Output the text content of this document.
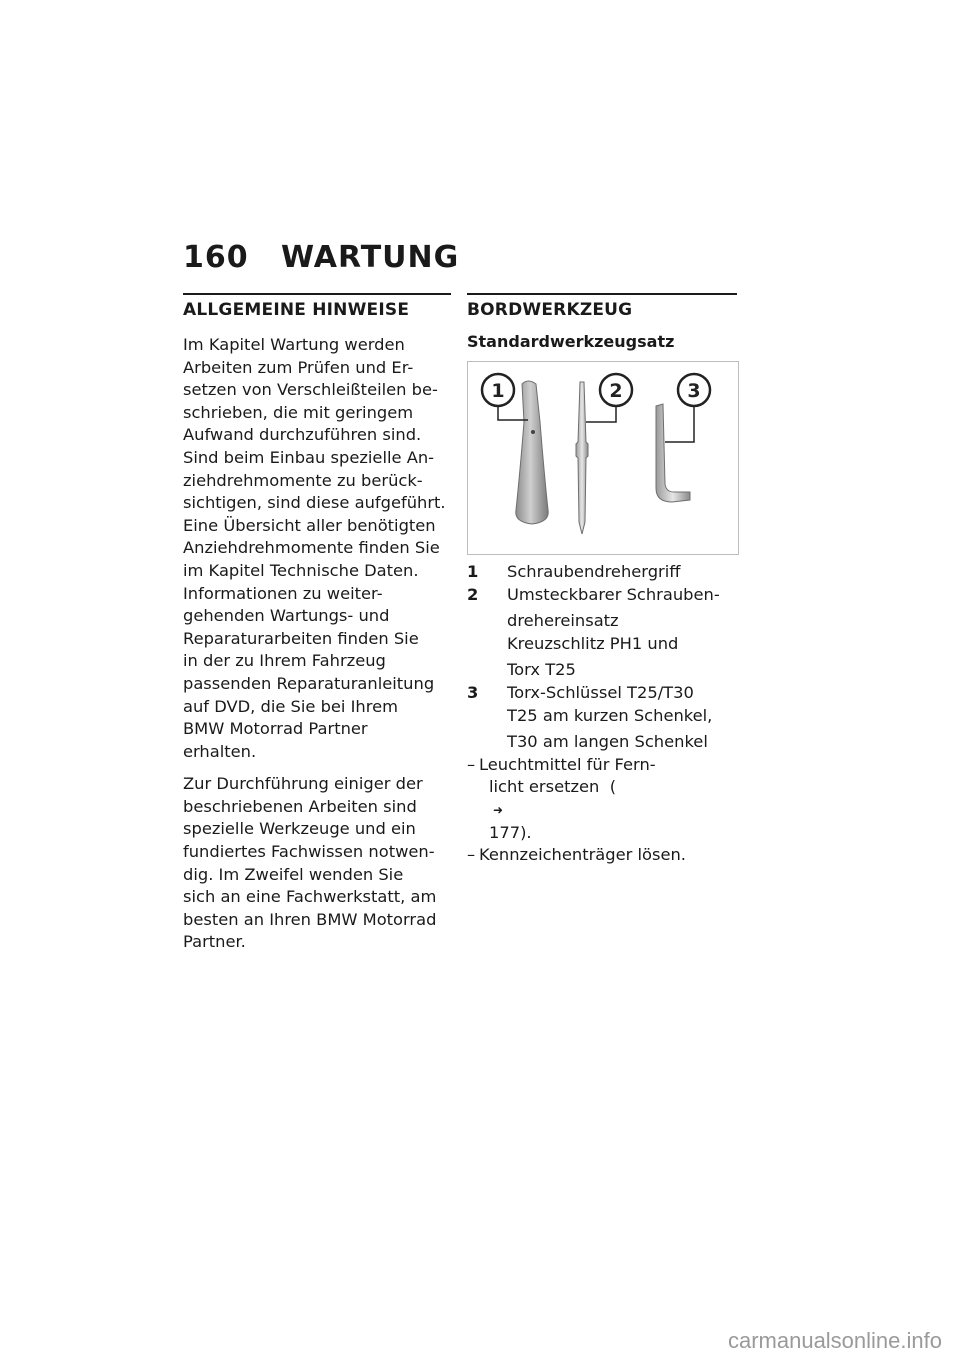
160 WARTUNG
ALLGEMEINE HINWEISE

Im Kapitel Wartung werden
Arbeiten zum Prüfen und Er-
setzen von Verschleißteilen be-
schrieben, die mit geringem
Aufwand durchzuführen sind.
Sind beim Einbau spezielle An-
ziehdrehmomente zu berück-
sichtigen, sind diese aufgeführt.
Eine Übersicht aller benötigten
Anziehdrehmomente finden Sie
im Kapitel Technische Daten.
Informationen zu weiter-
gehenden Wartungs- und
Reparaturarbeiten finden Sie
in der zu Ihrem Fahrzeug
passenden Reparaturanleitung
auf DVD, die Sie bei Ihrem
BMW Motorrad Partner
erhalten.

Zur Durchführung einiger der
beschriebenen Arbeiten sind
spezielle Werkzeuge und ein
fundiertes Fachwissen notwen-
dig. Im Zweifel wenden Sie
sich an eine Fachwerkstatt, am
besten an Ihren BMW Motorrad
Partner.

BORDWERKZEUG
Standardwerkzeugsatz
1	2	3
1	Schraubendrehergriff
2	Umsteckbarer Schrauben-
drehereinsatz
Kreuzschlitz PH1 und
Torx T25
3	Torx-Schlüssel T25/T30
T25 am kurzen Schenkel,
T30 am langen Schenkel
– Leuchtmittel für Fern-
licht ersetzen  (
➜
177).
– Kennzeichenträger lösen.
carmanualsonline.info
